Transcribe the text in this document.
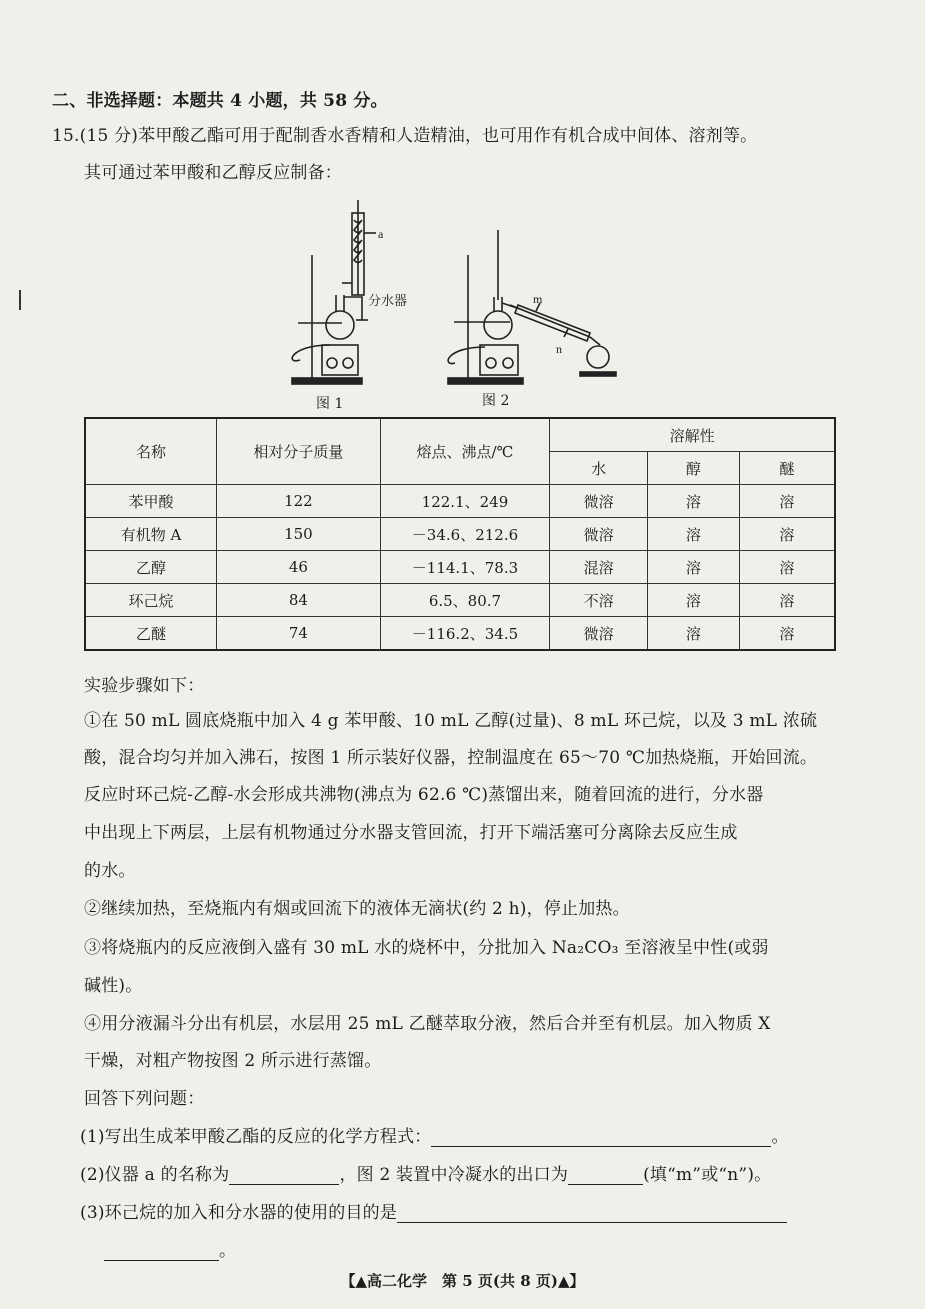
二、非选择题：本题共 4 小题，共 58 分。
15.(15 分)苯甲酸乙酯可用于配制香水香精和人造精油，也可用作有机合成中间体、溶剂等。
其可通过苯甲酸和乙醇反应制备：
a
分水器
图 1
m
n
图 2
名称	相对分子质量	熔点、沸点/℃	溶解性		
			水	醇	醚
苯甲酸	122	122.1、249	微溶	溶	溶
有机物 A	150	－34.6、212.6	微溶	溶	溶
乙醇	46	－114.1、78.3	混溶	溶	溶
环己烷	84	6.5、80.7	不溶	溶	溶
乙醚	74	－116.2、34.5	微溶	溶	溶
实验步骤如下：
①在 50 mL 圆底烧瓶中加入 4 g 苯甲酸、10 mL 乙醇(过量)、8 mL 环己烷，以及 3 mL 浓硫
酸，混合均匀并加入沸石，按图 1 所示装好仪器，控制温度在 65～70 ℃加热烧瓶，开始回流。
反应时环己烷-乙醇-水会形成共沸物(沸点为 62.6 ℃)蒸馏出来，随着回流的进行，分水器
中出现上下两层，上层有机物通过分水器支管回流，打开下端活塞可分离除去反应生成
的水。
②继续加热，至烧瓶内有烟或回流下的液体无滴状(约 2 h)，停止加热。
③将烧瓶内的反应液倒入盛有 30 mL 水的烧杯中，分批加入 Na₂CO₃ 至溶液呈中性(或弱
碱性)。
④用分液漏斗分出有机层，水层用 25 mL 乙醚萃取分液，然后合并至有机层。加入物质 X
干燥，对粗产物按图 2 所示进行蒸馏。
回答下列问题：
(1)写出生成苯甲酸乙酯的反应的化学方程式：	。
(2)仪器 a 的名称为	，图 2 装置中冷凝水的出口为	(填“m”或“n”)。
(3)环己烷的加入和分水器的使用的目的是
。
【▲高二化学　第 5 页(共 8 页)▲】
